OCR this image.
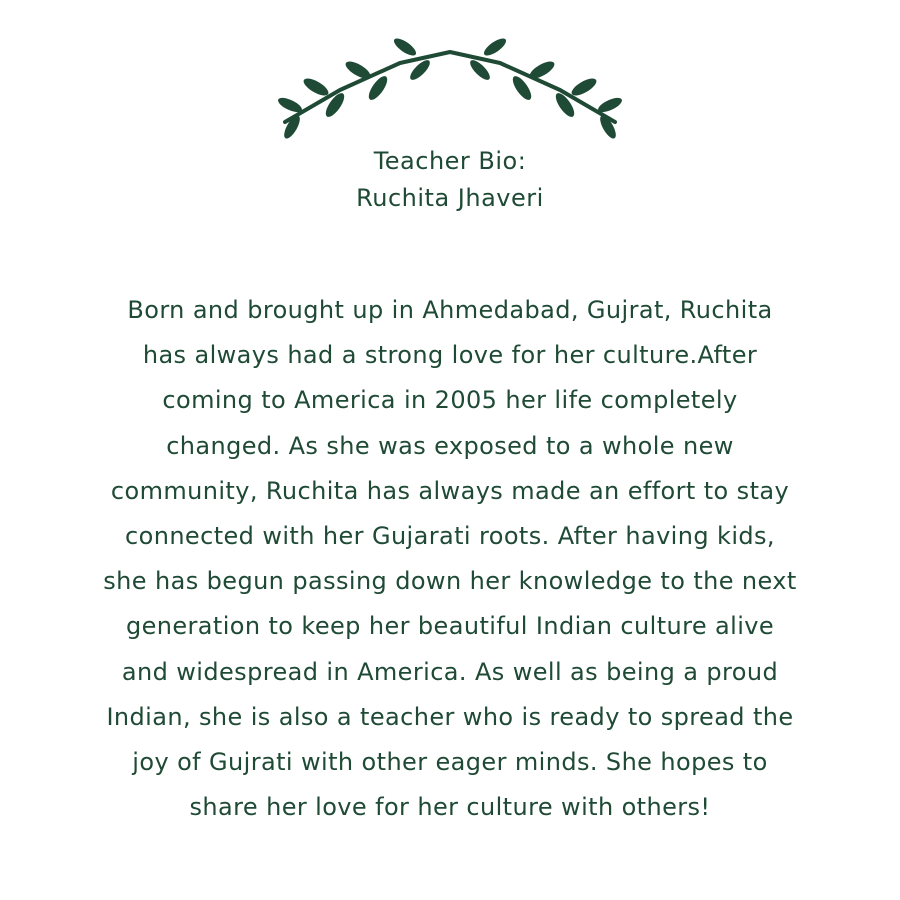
Teacher Bio:
Ruchita Jhaveri

Born and brought up in Ahmedabad, Gujrat, Ruchita
has always had a strong love for her culture.After
coming to America in 2005 her life completely
changed. As she was exposed to a whole new
community, Ruchita has always made an effort to stay
connected with her Gujarati roots. After having kids,
she has begun passing down her knowledge to the next
generation to keep her beautiful Indian culture alive
and widespread in America. As well as being a proud
Indian, she is also a teacher who is ready to spread the
joy of Gujrati with other eager minds. She hopes to
share her love for her culture with others!
